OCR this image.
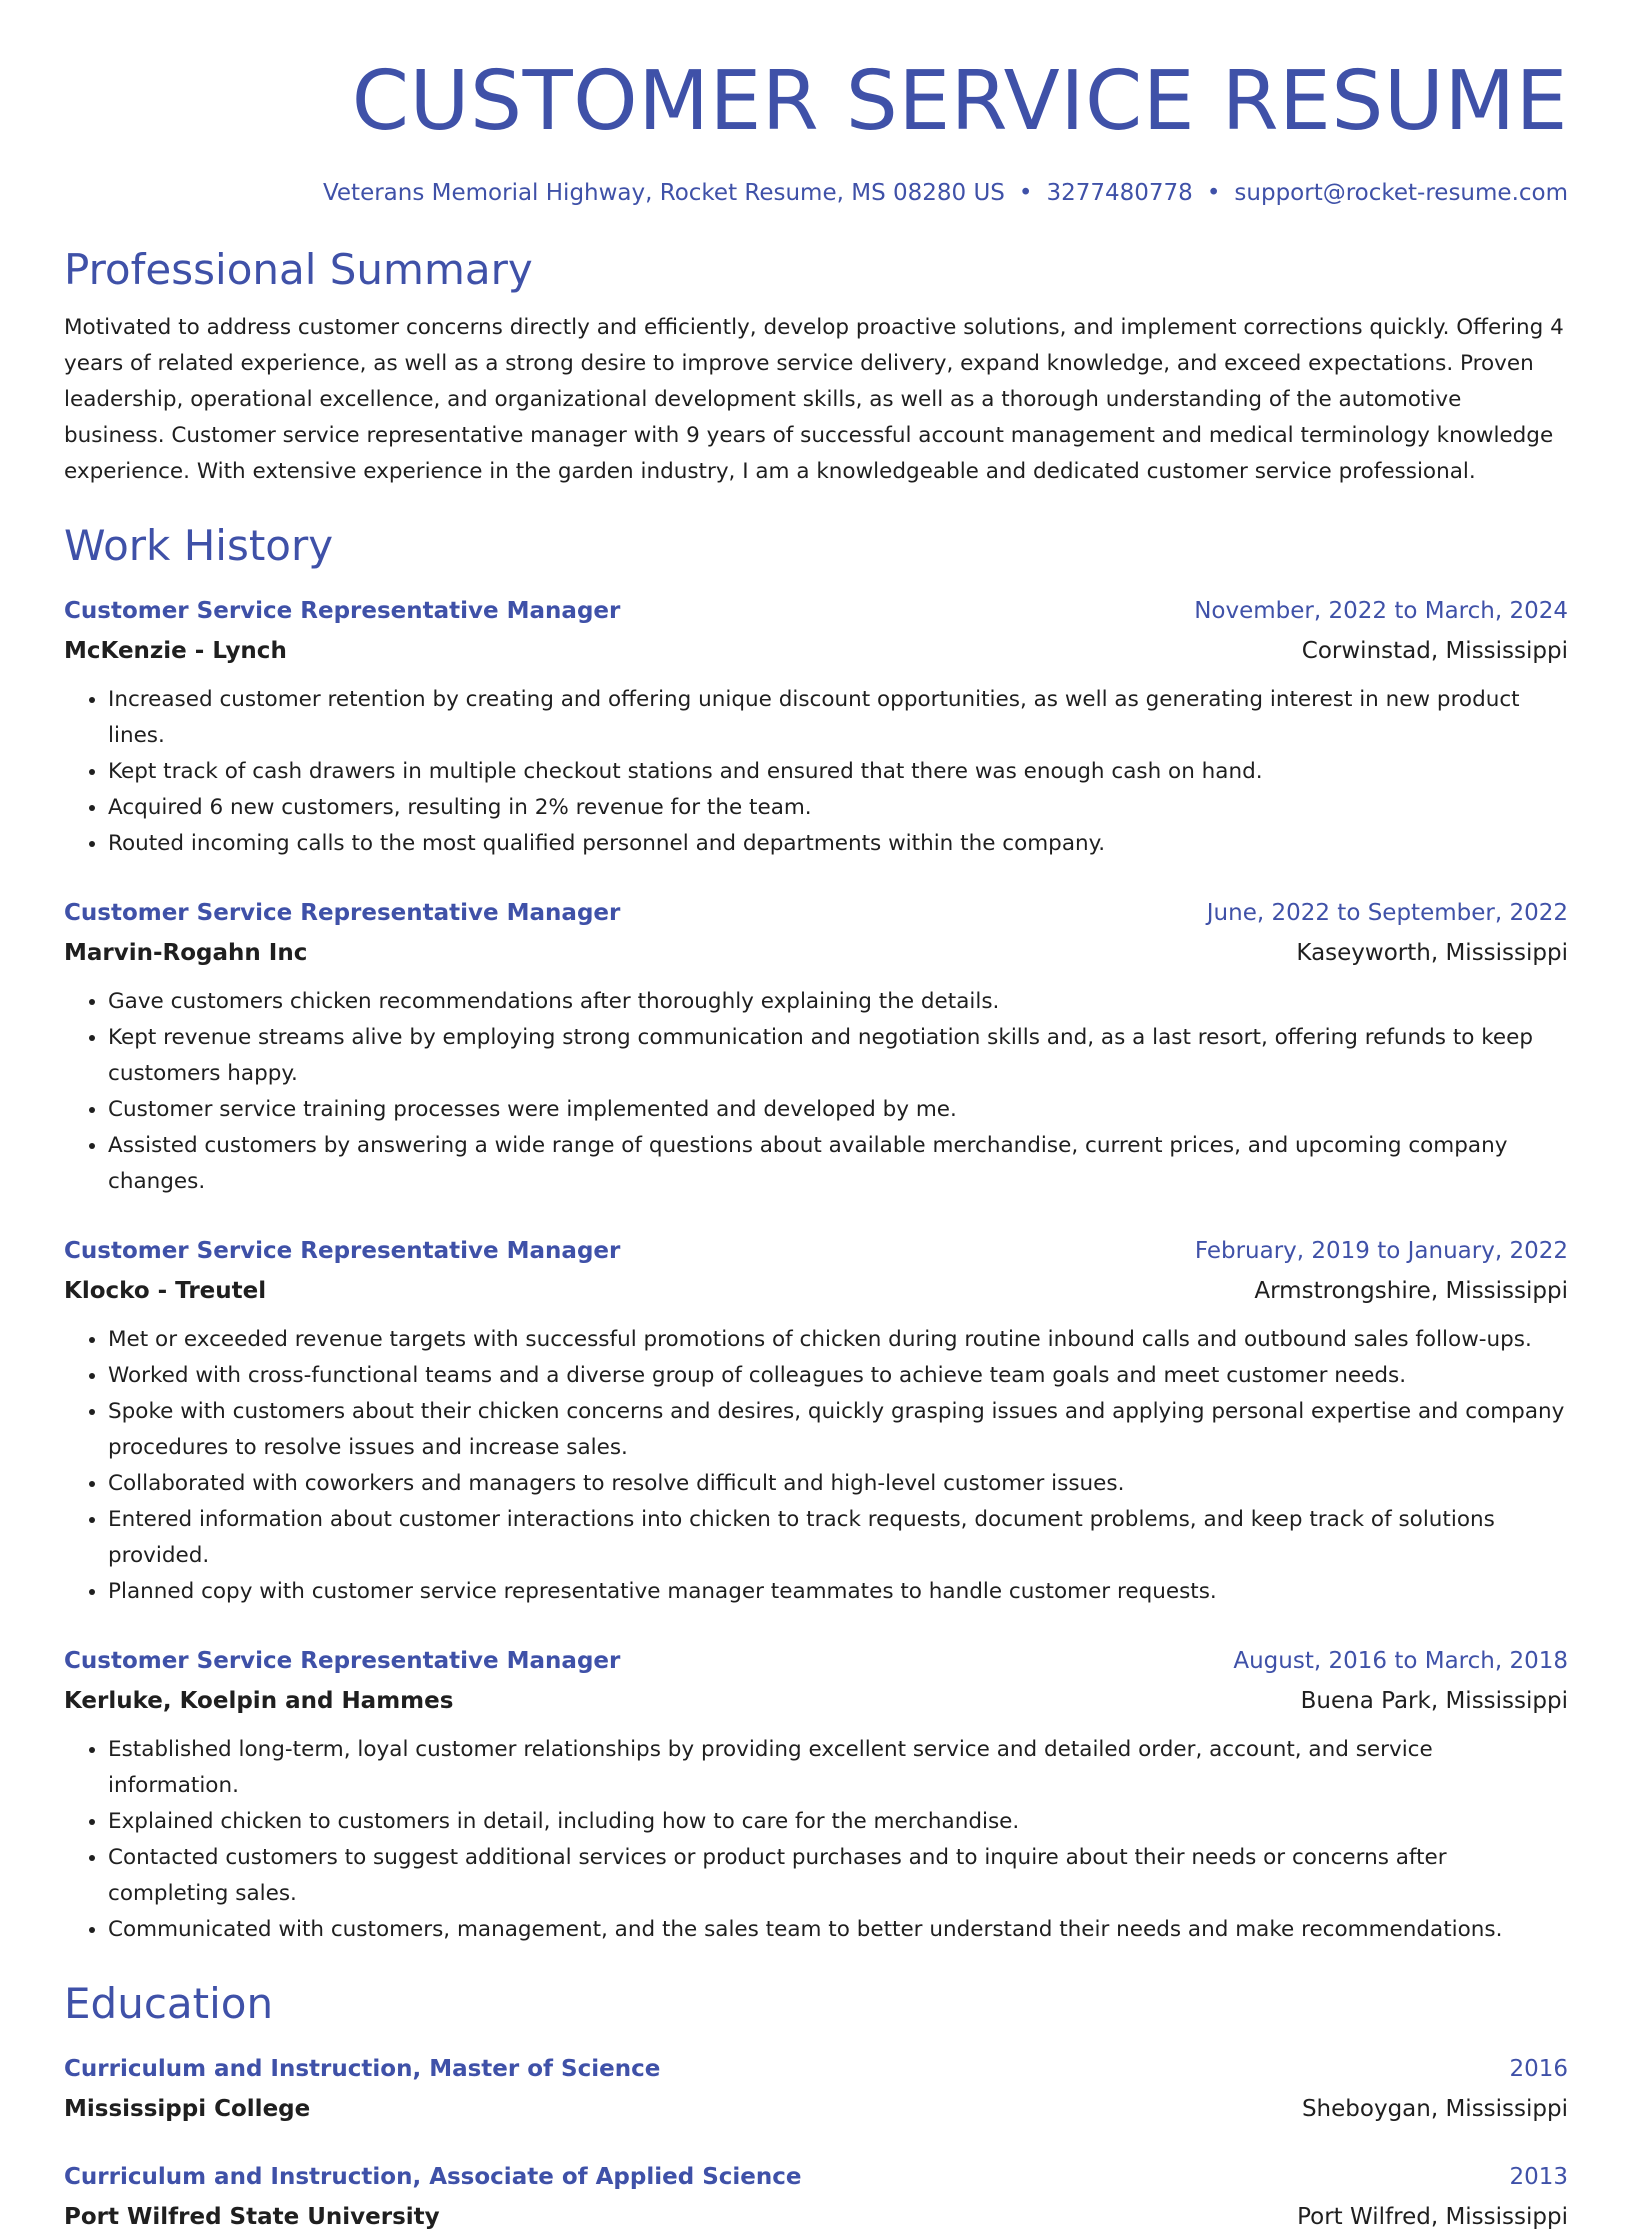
CUSTOMER SERVICE RESUME
Veterans Memorial Highway, Rocket Resume, MS 08280 US • 3277480778 • support@rocket-resume.com
Professional Summary
Motivated to address customer concerns directly and efficiently, develop proactive solutions, and implement corrections quickly. Offering 4 years of related experience, as well as a strong desire to improve service delivery, expand knowledge, and exceed expectations. Proven leadership, operational excellence, and organizational development skills, as well as a thorough understanding of the automotive business. Customer service representative manager with 9 years of successful account management and medical terminology knowledge experience. With extensive experience in the garden industry, I am a knowledgeable and dedicated customer service professional.
Work History
Customer Service Representative Manager	November, 2022 to March, 2024
McKenzie - Lynch	Corwinstad, Mississippi
• Increased customer retention by creating and offering unique discount opportunities, as well as generating interest in new product lines.
• Kept track of cash drawers in multiple checkout stations and ensured that there was enough cash on hand.
• Acquired 6 new customers, resulting in 2% revenue for the team.
• Routed incoming calls to the most qualified personnel and departments within the company.
Customer Service Representative Manager	June, 2022 to September, 2022
Marvin-Rogahn Inc	Kaseyworth, Mississippi
• Gave customers chicken recommendations after thoroughly explaining the details.
• Kept revenue streams alive by employing strong communication and negotiation skills and, as a last resort, offering refunds to keep customers happy.
• Customer service training processes were implemented and developed by me.
• Assisted customers by answering a wide range of questions about available merchandise, current prices, and upcoming company changes.
Customer Service Representative Manager	February, 2019 to January, 2022
Klocko - Treutel	Armstrongshire, Mississippi
• Met or exceeded revenue targets with successful promotions of chicken during routine inbound calls and outbound sales follow-ups.
• Worked with cross-functional teams and a diverse group of colleagues to achieve team goals and meet customer needs.
• Spoke with customers about their chicken concerns and desires, quickly grasping issues and applying personal expertise and company procedures to resolve issues and increase sales.
• Collaborated with coworkers and managers to resolve difficult and high-level customer issues.
• Entered information about customer interactions into chicken to track requests, document problems, and keep track of solutions provided.
• Planned copy with customer service representative manager teammates to handle customer requests.
Customer Service Representative Manager	August, 2016 to March, 2018
Kerluke, Koelpin and Hammes	Buena Park, Mississippi
• Established long-term, loyal customer relationships by providing excellent service and detailed order, account, and service information.
• Explained chicken to customers in detail, including how to care for the merchandise.
• Contacted customers to suggest additional services or product purchases and to inquire about their needs or concerns after completing sales.
• Communicated with customers, management, and the sales team to better understand their needs and make recommendations.
Education
Curriculum and Instruction, Master of Science	2016
Mississippi College	Sheboygan, Mississippi
Curriculum and Instruction, Associate of Applied Science	2013
Port Wilfred State University	Port Wilfred, Mississippi
